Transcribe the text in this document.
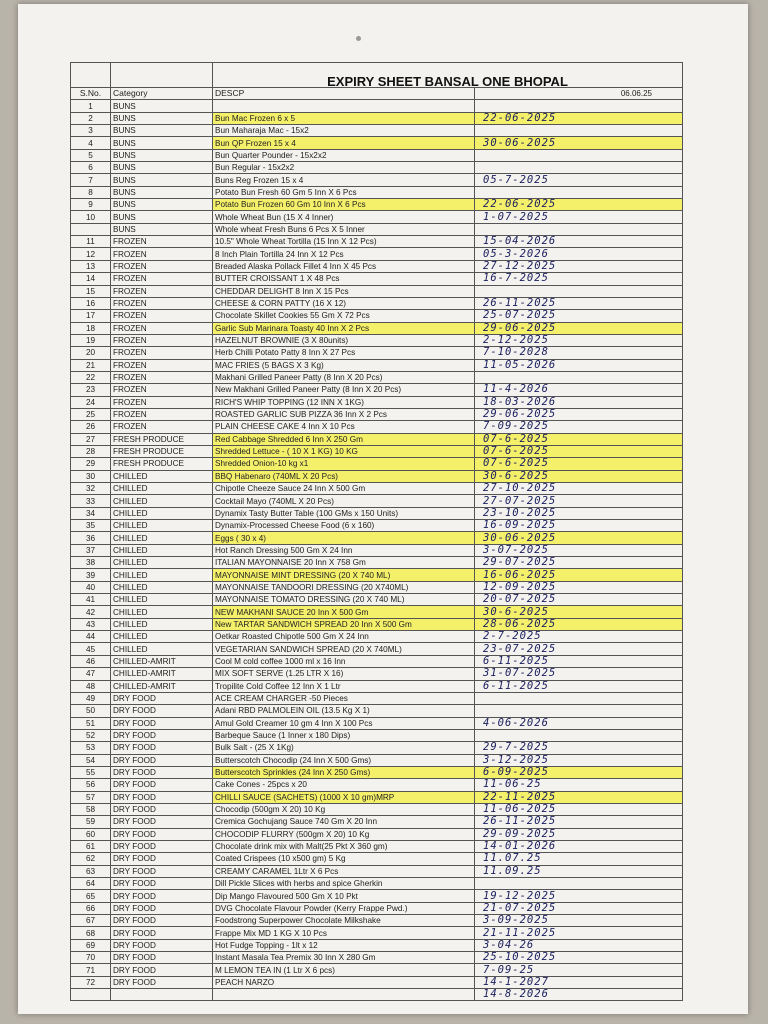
		EXPIRY SHEET BANSAL ONE BHOPAL	
S.No.	Category	DESCP	06.06.25
1	BUNS		
2	BUNS	Bun Mac Frozen 6 x 5	22-06-2025
3	BUNS	Bun Maharaja Mac - 15x2	
4	BUNS	Bun QP Frozen 15 x 4	30-06-2025
5	BUNS	Bun Quarter Pounder - 15x2x2	
6	BUNS	Bun Regular - 15x2x2	
7	BUNS	Buns Reg Frozen 15 x 4	05-7-2025
8	BUNS	Potato Bun Fresh 60 Gm 5 Inn X 6 Pcs	
9	BUNS	Potato Bun Frozen 60 Gm 10 Inn X 6 Pcs	22-06-2025
10	BUNS	Whole Wheat Bun (15 X 4 Inner)	1-07-2025
	BUNS	Whole wheat Fresh Buns 6 Pcs X 5 Inner	
11	FROZEN	10.5" Whole Wheat Tortilla (15 Inn X 12 Pcs)	15-04-2026
12	FROZEN	8 Inch Plain Tortilla 24 Inn X 12 Pcs	05-3-2026
13	FROZEN	Breaded Alaska Pollack Fillet 4 Inn X 45 Pcs	27-12-2025
14	FROZEN	BUTTER CROISSANT 1 X 48 Pcs	16-7-2025
15	FROZEN	CHEDDAR DELIGHT 8 Inn X 15 Pcs	
16	FROZEN	CHEESE & CORN PATTY (16 X 12)	26-11-2025
17	FROZEN	Chocolate Skillet Cookies 55 Gm X 72 Pcs	25-07-2025
18	FROZEN	Garlic Sub Marinara Toasty 40 Inn X 2 Pcs	29-06-2025
19	FROZEN	HAZELNUT BROWNIE (3 X 80units)	2-12-2025
20	FROZEN	Herb Chilli Potato Patty 8 Inn X 27 Pcs	7-10-2028
21	FROZEN	MAC FRIES (5 BAGS X 3 Kg)	11-05-2026
22	FROZEN	Makhani Grilled Paneer Patty (8 Inn X 20 Pcs)	
23	FROZEN	New Makhani Grilled Paneer Patty (8 Inn X 20 Pcs)	11-4-2026
24	FROZEN	RICH'S WHIP TOPPING (12 INN X 1KG)	18-03-2026
25	FROZEN	ROASTED GARLIC SUB PIZZA 36 Inn X 2 Pcs	29-06-2025
26	FROZEN	PLAIN CHEESE CAKE 4 Inn X 10 Pcs	7-09-2025
27	FRESH PRODUCE	Red Cabbage Shredded 6 Inn X 250 Gm	07-6-2025
28	FRESH PRODUCE	Shredded Lettuce - ( 10 X 1 KG) 10 KG	07-6-2025
29	FRESH PRODUCE	Shredded Onion-10 kg x1	07-6-2025
30	CHILLED	BBQ Habenaro (740ML X 20 Pcs)	30-6-2025
32	CHILLED	Chipotle Cheeze Sauce 24 Inn X 500 Gm	27-10-2025
33	CHILLED	Cocktail Mayo (740ML X 20 Pcs)	27-07-2025
34	CHILLED	Dynamix Tasty Butter Table (100 GMs x 150 Units)	23-10-2025
35	CHILLED	Dynamix-Processed Cheese Food (6 x 160)	16-09-2025
36	CHILLED	Eggs ( 30 x 4)	30-06-2025
37	CHILLED	Hot Ranch Dressing 500 Gm X 24 Inn	3-07-2025
38	CHILLED	ITALIAN MAYONNAISE 20 Inn X 758 Gm	29-07-2025
39	CHILLED	MAYONNAISE MINT DRESSING (20 X 740 ML)	16-06-2025
40	CHILLED	MAYONNAISE TANDOORI DRESSING (20 X740ML)	12-09-2025
41	CHILLED	MAYONNAISE TOMATO DRESSING (20 X 740 ML)	20-07-2025
42	CHILLED	NEW MAKHANI SAUCE 20 Inn X 500 Gm	30-6-2025
43	CHILLED	New TARTAR SANDWICH SPREAD 20 Inn X 500 Gm	28-06-2025
44	CHILLED	Oetkar Roasted Chipotle 500 Gm X 24 Inn	2-7-2025
45	CHILLED	VEGETARIAN SANDWICH SPREAD (20 X 740ML)	23-07-2025
46	CHILLED-AMRIT	Cool M cold coffee 1000 ml x 16 Inn	6-11-2025
47	CHILLED-AMRIT	MIX SOFT SERVE (1.25 LTR X 16)	31-07-2025
48	CHILLED-AMRIT	Tropilite Cold Coffee 12 Inn X 1 Ltr	6-11-2025
49	DRY FOOD	ACE CREAM CHARGER -50 Pieces	
50	DRY FOOD	Adani RBD PALMOLEIN OIL (13.5 Kg X 1)	
51	DRY FOOD	Amul Gold Creamer 10 gm 4 Inn X 100 Pcs	4-06-2026
52	DRY FOOD	Barbeque Sauce (1 Inner x 180 Dips)	
53	DRY FOOD	Bulk Salt - (25 X 1Kg)	29-7-2025
54	DRY FOOD	Butterscotch Chocodip (24 Inn X 500 Gms)	3-12-2025
55	DRY FOOD	Butterscotch Sprinkles (24 Inn X 250 Gms)	6-09-2025
56	DRY FOOD	Cake Cones - 25pcs x 20	11-06-25
57	DRY FOOD	CHILLI SAUCE (SACHETS) (1000 X 10 gm)MRP	22-11-2025
58	DRY FOOD	Chocodip (500gm X 20) 10 Kg	11-06-2025
59	DRY FOOD	Cremica Gochujang Sauce 740 Gm X 20 Inn	26-11-2025
60	DRY FOOD	CHOCODIP FLURRY (500gm X 20) 10 Kg	29-09-2025
61	DRY FOOD	Chocolate drink mix with Malt(25 Pkt X 360 gm)	14-01-2026
62	DRY FOOD	Coated Crispees (10 x500 gm) 5 Kg	11.07.25
63	DRY FOOD	CREAMY CARAMEL 1Ltr X 6 Pcs	11.09.25
64	DRY FOOD	Dill Pickle Slices with herbs and spice Gherkin	
65	DRY FOOD	Dip Mango Flavoured 500 Gm X 10 Pkt	19-12-2025
66	DRY FOOD	DVG Chocolate Flavour Powder (Kerry Frappe Pwd.)	21-07-2025
67	DRY FOOD	Foodstrong Superpower Chocolate Milkshake	3-09-2025
68	DRY FOOD	Frappe Mix MD 1 KG X 10 Pcs	21-11-2025
69	DRY FOOD	Hot Fudge Topping - 1lt x 12	3-04-26
70	DRY FOOD	Instant Masala Tea Premix 30 Inn X 280 Gm	25-10-2025
71	DRY FOOD	M LEMON TEA IN (1 Ltr X 6 pcs)	7-09-25
72	DRY FOOD	PEACH NARZO	14-1-2027
			14-8-2026
